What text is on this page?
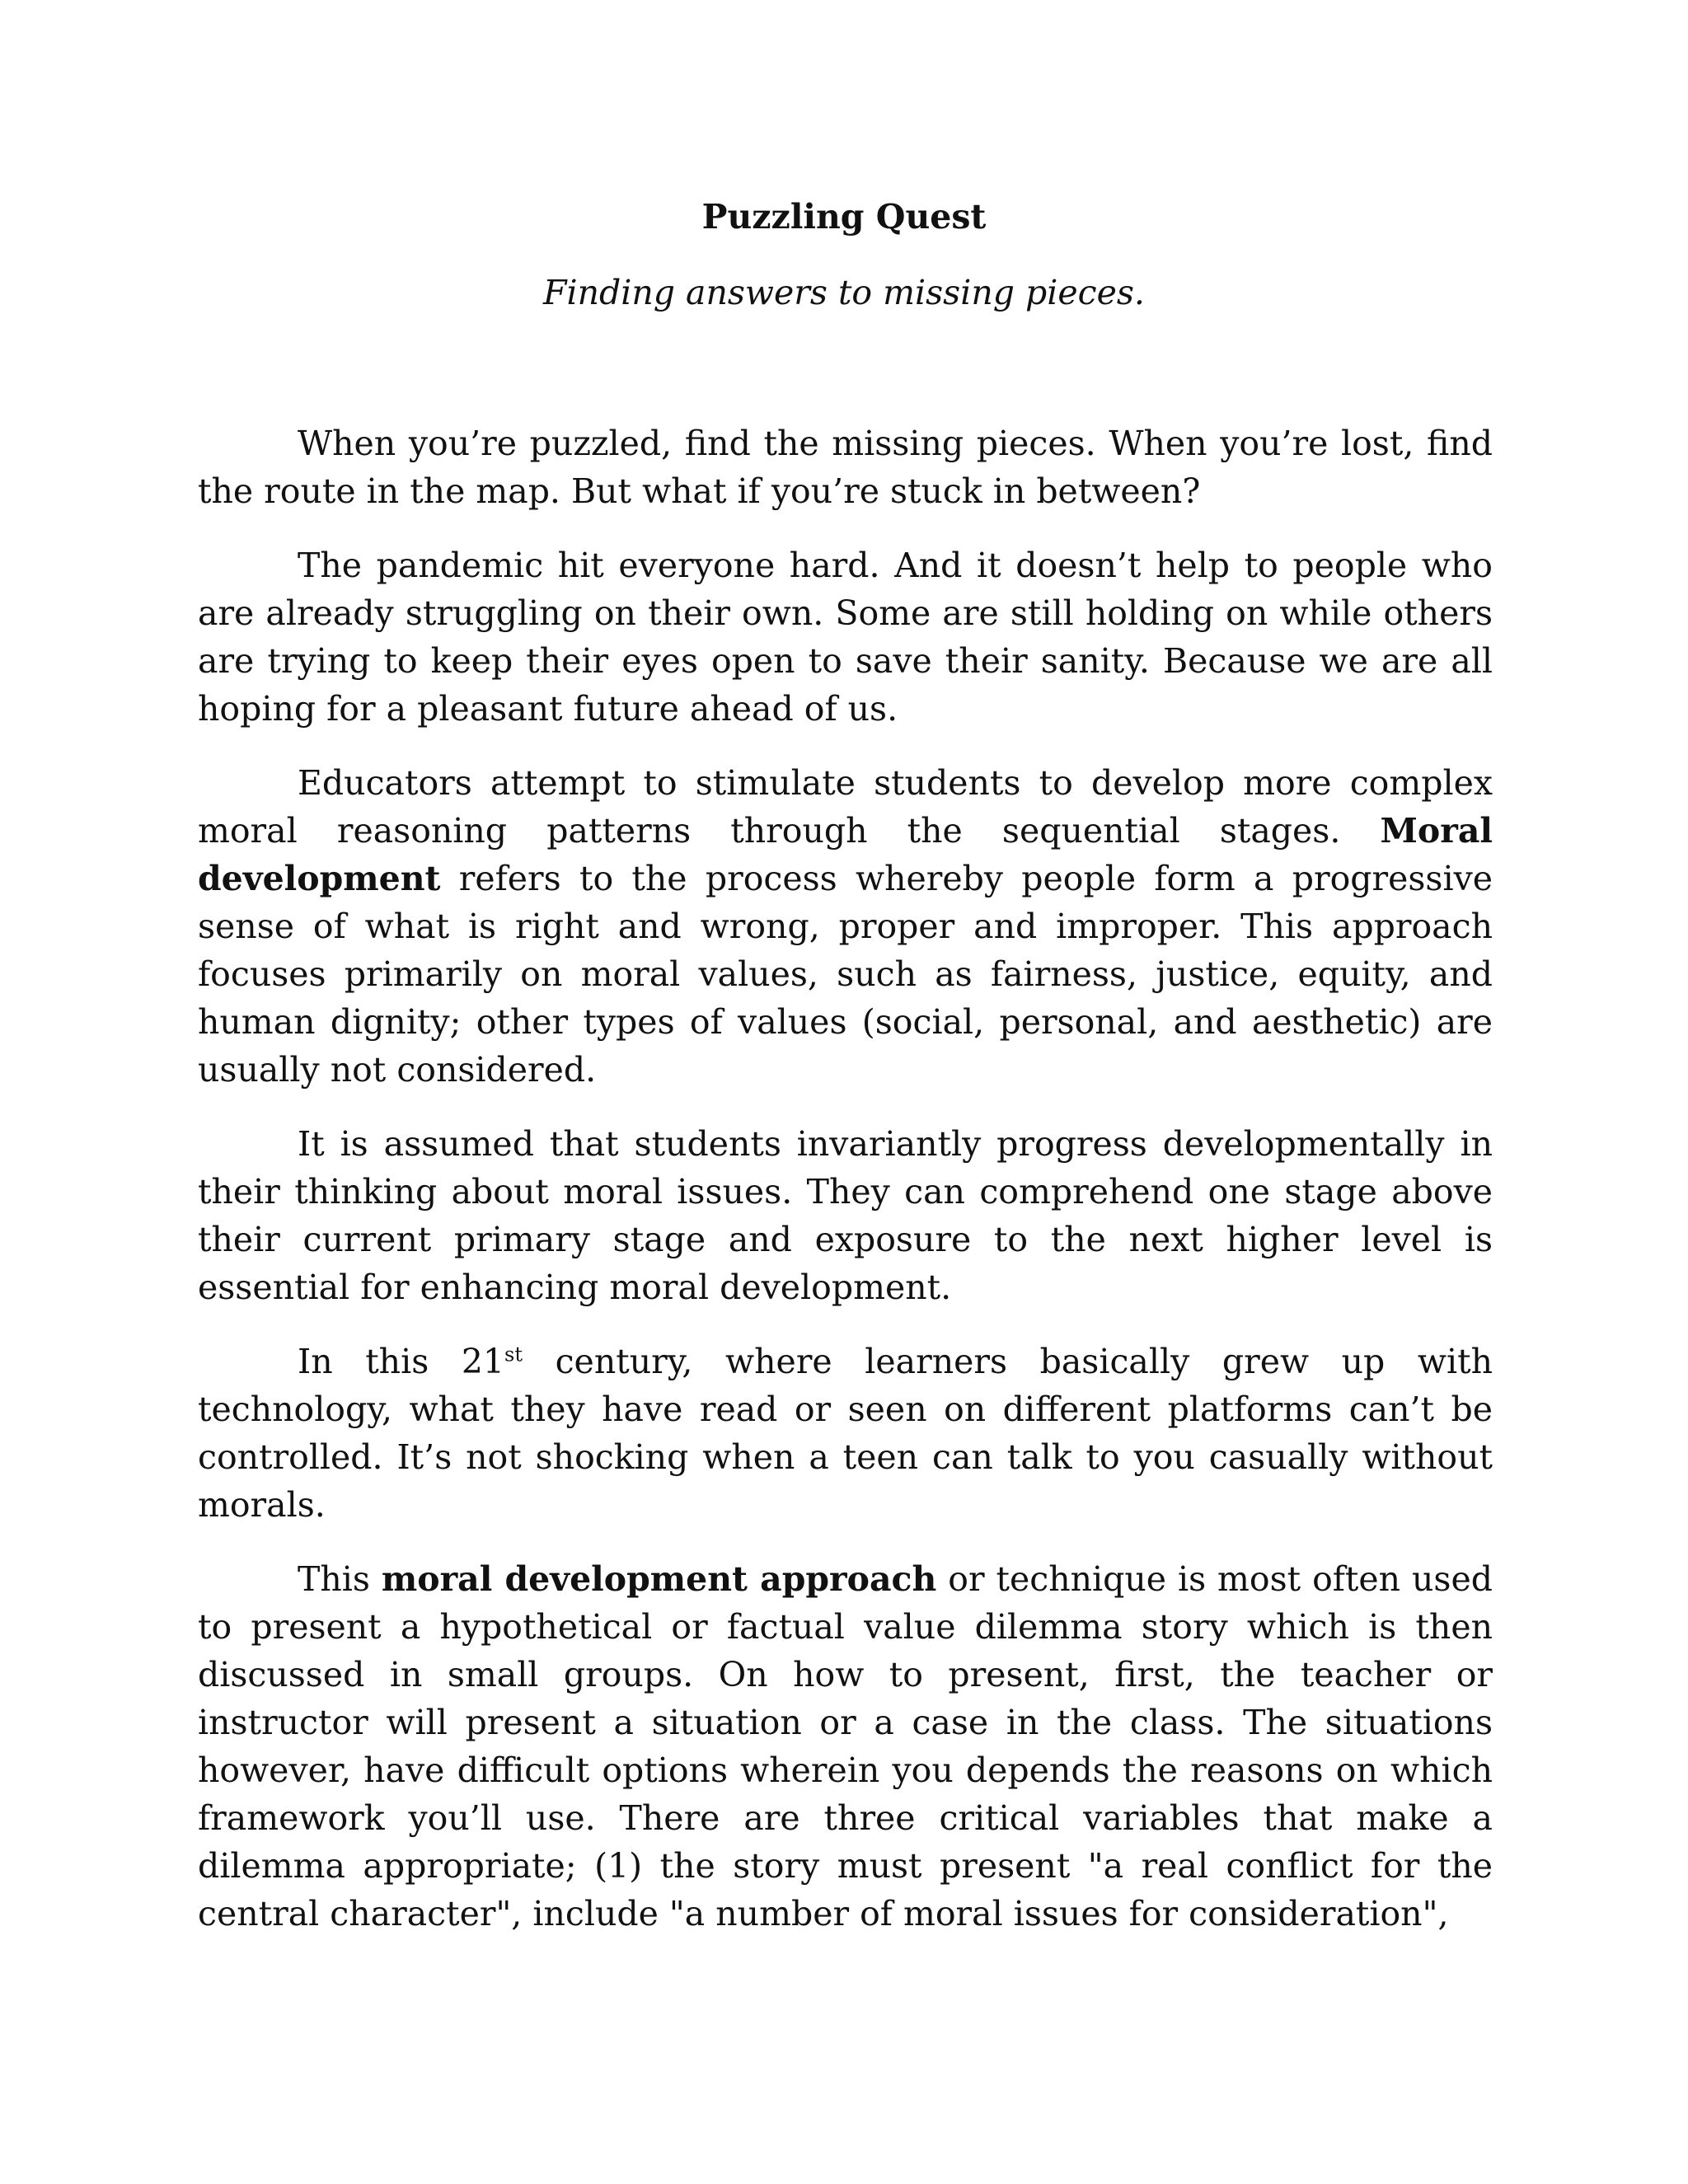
Puzzling Quest

Finding answers to missing pieces.

When you’re puzzled, find the missing pieces. When you’re lost, find the route in the map. But what if you’re stuck in between?

The pandemic hit everyone hard. And it doesn’t help to people who are already struggling on their own. Some are still holding on while others are trying to keep their eyes open to save their sanity. Because we are all hoping for a pleasant future ahead of us.

Educators attempt to stimulate students to develop more complex moral reasoning patterns through the sequential stages. Moral development refers to the process whereby people form a progressive sense of what is right and wrong, proper and improper. This approach focuses primarily on moral values, such as fairness, justice, equity, and human dignity; other types of values (social, personal, and aesthetic) are usually not considered.

It is assumed that students invariantly progress developmentally in their thinking about moral issues. They can comprehend one stage above their current primary stage and exposure to the next higher level is essential for enhancing moral development.

In this 21st century, where learners basically grew up with technology, what they have read or seen on different platforms can’t be controlled. It’s not shocking when a teen can talk to you casually without morals.

This moral development approach or technique is most often used to present a hypothetical or factual value dilemma story which is then discussed in small groups. On how to present, first, the teacher or instructor will present a situation or a case in the class. The situations however, have difficult options wherein you depends the reasons on which framework you’ll use. There are three critical variables that make a dilemma appropriate; (1) the story must present "a real conflict for the central character", include "a number of moral issues for consideration",
